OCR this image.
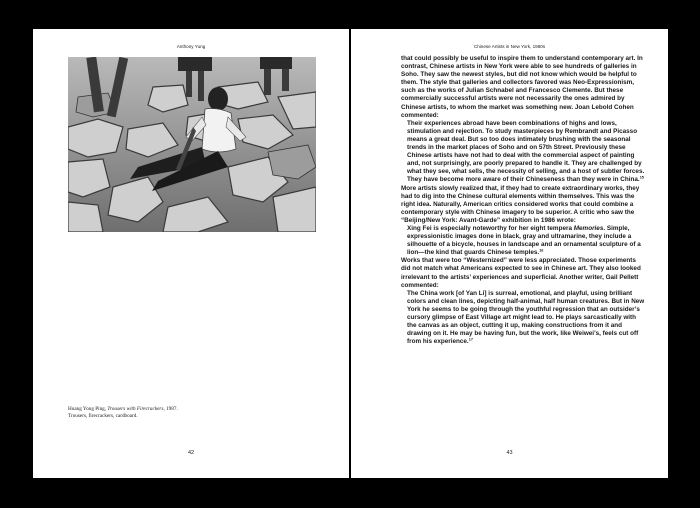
Anthony Yung
Huang Yong Ping, Trousers with Firecrackers, 1987.
Trousers, firecrackers, cardboard.
42
Chinese Artists in New York, 1980s

that could possibly be useful to inspire them to understand contemporary art. In contrast, Chinese artists in New York were able to see hundreds of galleries in Soho. They saw the newest styles, but did not know which would be helpful to them. The style that galleries and collectors favored was Neo-Expressionism, such as the works of Julian Schnabel and Francesco Clemente. But these commercially successful artists were not necessarily the ones admired by Chinese artists, to whom the market was something new. Joan Lebold Cohen commented:

Their experiences abroad have been combinations of highs and lows, stimulation and rejection. To study masterpieces by Rembrandt and Picasso means a great deal. But so too does intimately brushing with the seasonal trends in the market places of Soho and on 57th Street. Previously these Chinese artists have not had to deal with the commercial aspect of painting and, not surprisingly, are poorly prepared to handle it. They are challenged by what they see, what sells, the necessity of selling, and a host of subtler forces. They have become more aware of their Chineseness than they were in China.$^{15}$

More artists slowly realized that, if they had to create extraordinary works, they had to dig into the Chinese cultural elements within themselves. This was the right idea. Naturally, American critics considered works that could combine a contemporary style with Chinese imagery to be superior. A critic who saw the “Beijing/New York: Avant-Garde” exhibition in 1986 wrote:

Xing Fei is especially noteworthy for her eight tempera Memories. Simple, expressionistic images done in black, gray and ultramarine, they include a silhouette of a bicycle, houses in landscape and an ornamental sculpture of a lion—the kind that guards Chinese temples.$^{16}$

Works that were too “Westernized” were less appreciated. Those experiments did not match what Americans expected to see in Chinese art. They also looked irrelevant to the artists’ experiences and superficial. Another writer, Gail Pellett commented:

The China work [of Yan Li] is surreal, emotional, and playful, using brilliant colors and clean lines, depicting half-animal, half human creatures. But in New York he seems to be going through the youthful regression that an outsider’s cursory glimpse of East Village art might lead to. He plays sarcastically with the canvas as an object, cutting it up, making constructions from it and drawing on it. He may be having fun, but the work, like Weiwei’s, feels cut off from his experience.$^{17}$

43
